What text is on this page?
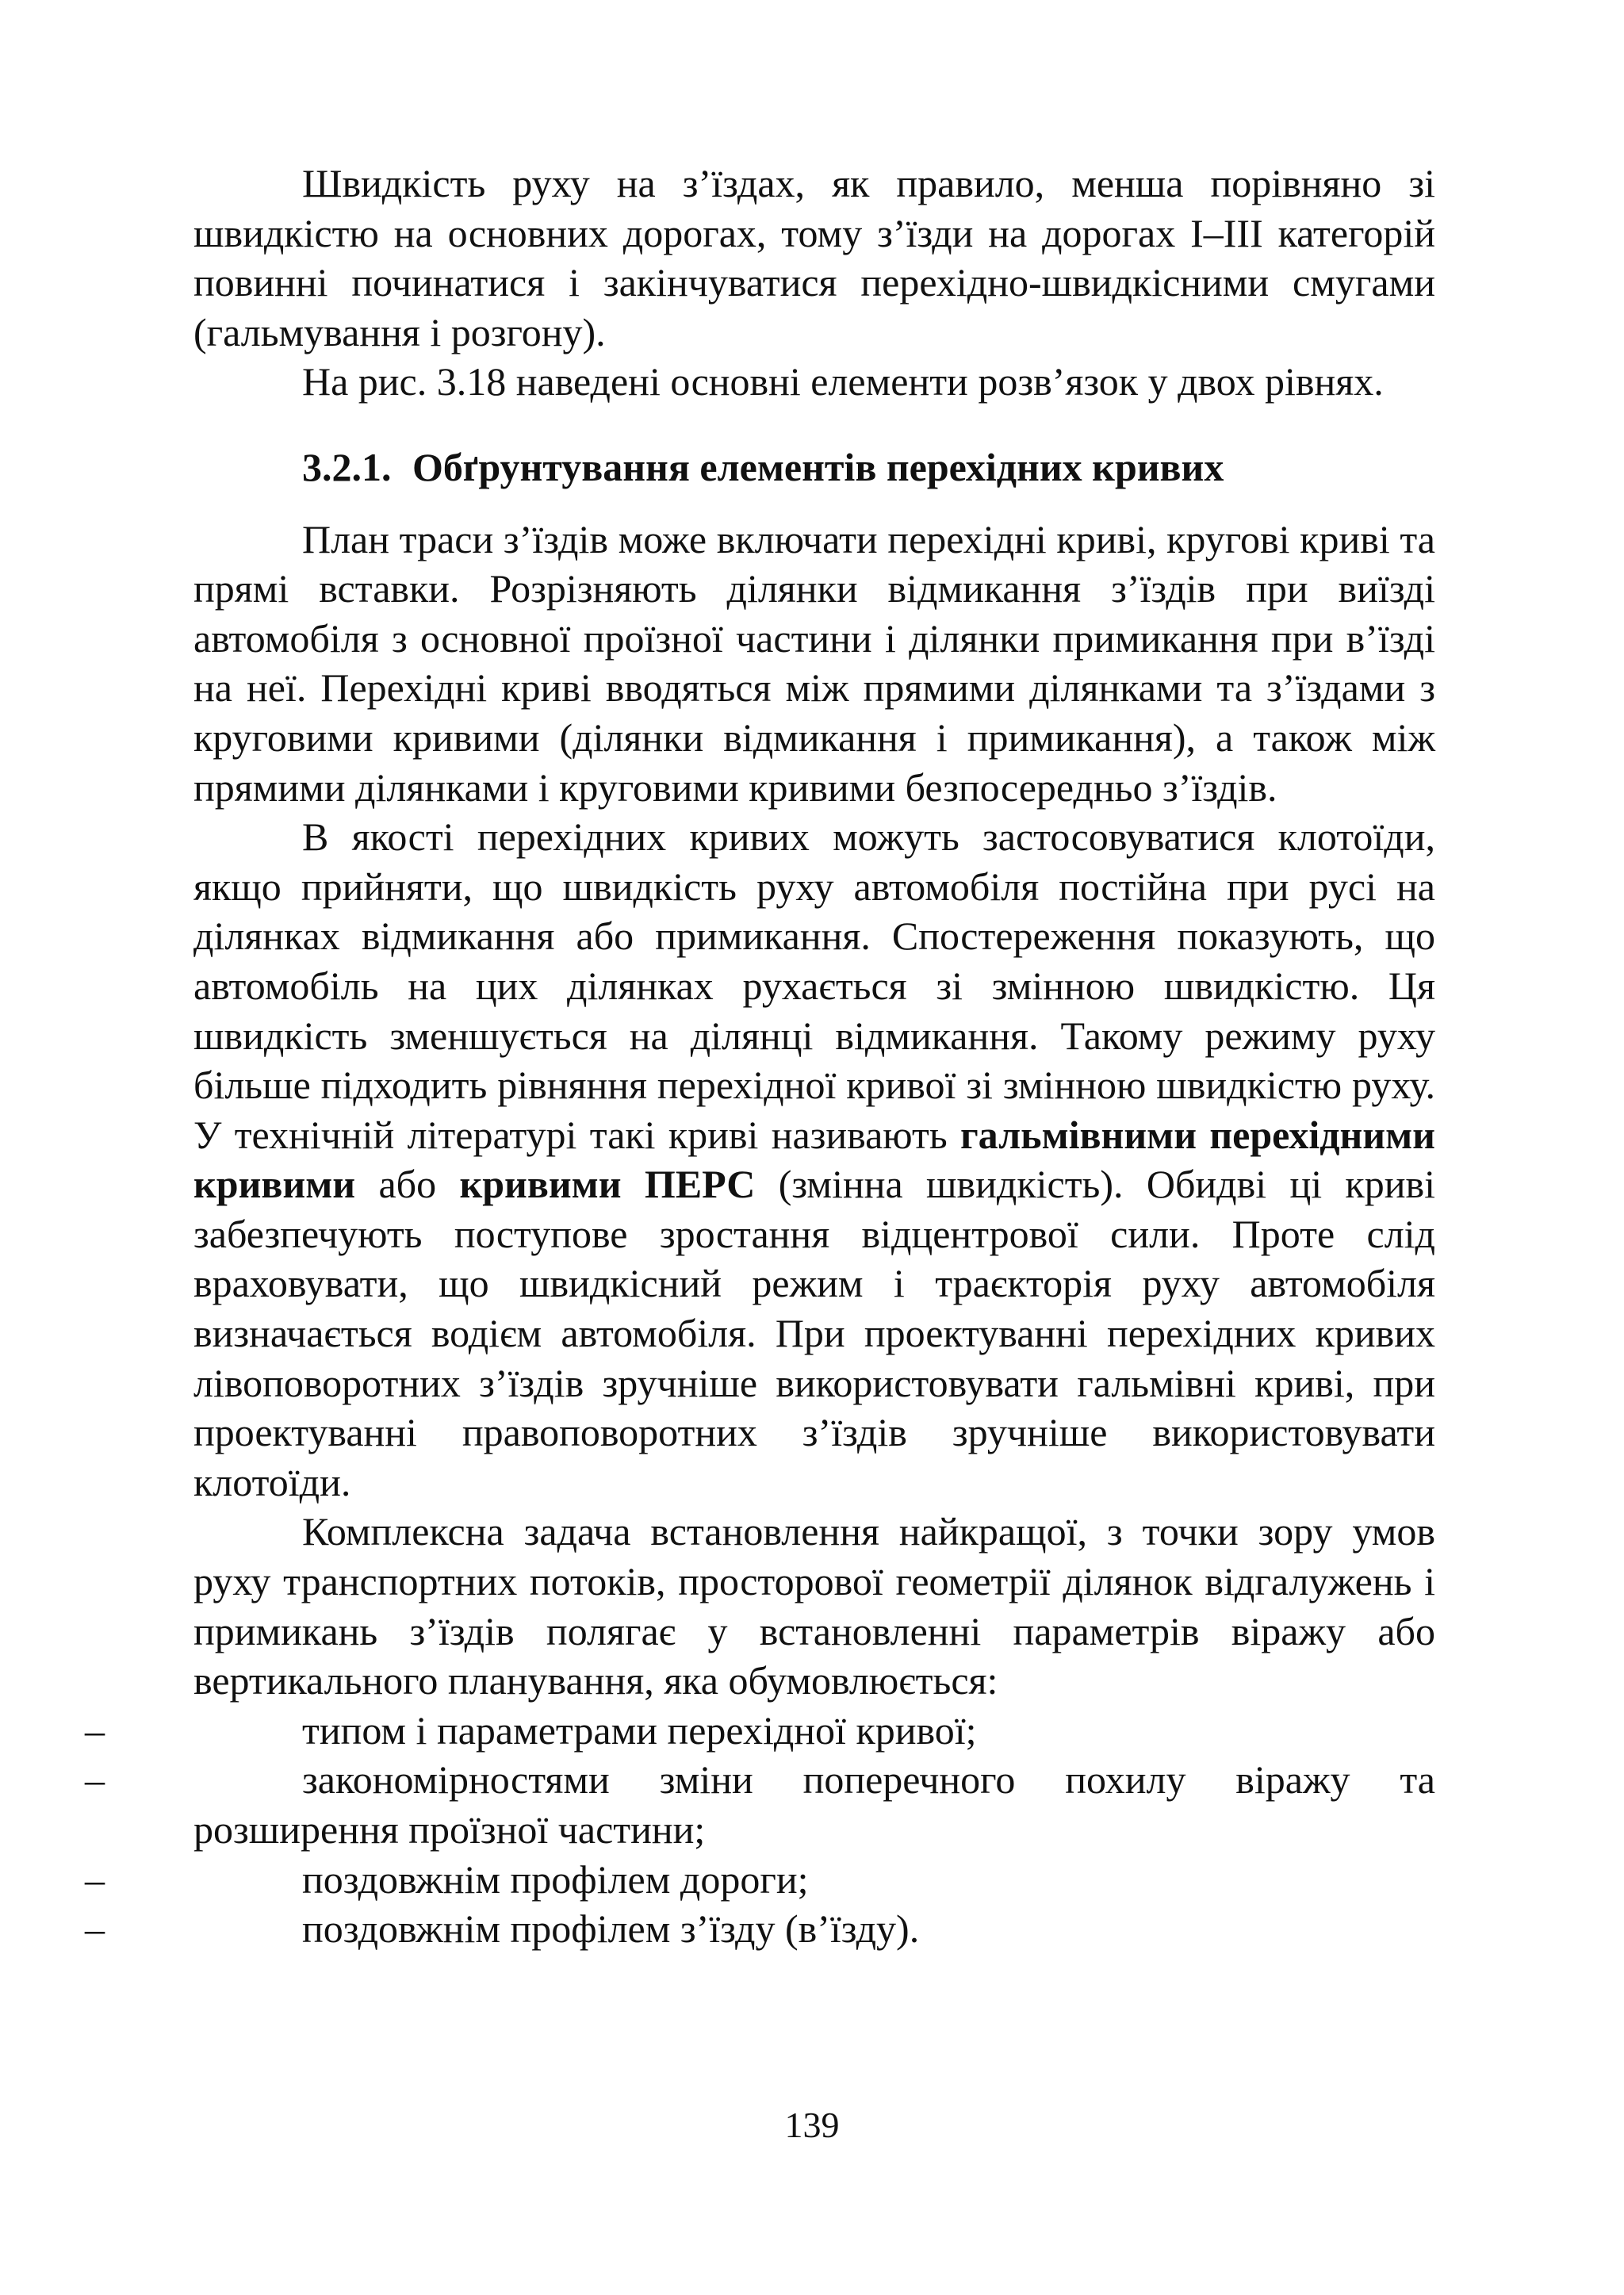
Швидкість руху на з’їздах, як правило, менша порівняно зі швидкістю на основних дорогах, тому з’їзди на дорогах I–III категорій повинні починатися і закінчуватися перехідно-швидкісними смугами (гальмування і розгону).

На рис. 3.18 наведені основні елементи розв’язок у двох рівнях.

3.2.1. Обґрунтування елементів перехідних кривих

План траси з’їздів може включати перехідні криві, кругові криві та прямі вставки. Розрізняють ділянки відмикання з’їздів при виїзді автомобіля з основної проїзної частини і ділянки примикання при в’їзді на неї. Перехідні криві вводяться між прямими ділянками та з’їздами з круговими кривими (ділянки відмикання і примикання), а також між прямими ділянками і круговими кривими безпосередньо з’їздів.

В якості перехідних кривих можуть застосовуватися клотоїди, якщо прийняти, що швидкість руху автомобіля постійна при русі на ділянках відмикання або примикання. Спостереження показують, що автомобіль на цих ділянках рухається зі змінною швидкістю. Ця швидкість зменшується на ділянці відмикання. Такому режиму руху більше підходить рівняння перехідної кривої зі змінною швидкістю руху. У технічній літературі такі криві називають гальмівними перехідними кривими або кривими ПЕРС (змінна швидкість). Обидві ці криві забезпечують поступове зростання відцентрової сили. Проте слід враховувати, що швидкісний режим і траєкторія руху автомобіля визначається водієм автомобіля. При проектуванні перехідних кривих лівоповоротних з’їздів зручніше використовувати гальмівні криві, при проектуванні правоповоротних з’їздів зручніше використовувати клотоїди.

Комплексна задача встановлення найкращої, з точки зору умов руху транспортних потоків, просторової геометрії ділянок відгалужень і примикань з’їздів полягає у встановленні параметрів віражу або вертикального планування, яка обумовлюється:

–	типом і параметрами перехідної кривої;

–	закономірностями зміни поперечного похилу віражу та розширення проїзної частини;

–	поздовжнім профілем дороги;

–	поздовжнім профілем з’їзду (в’їзду).

139
